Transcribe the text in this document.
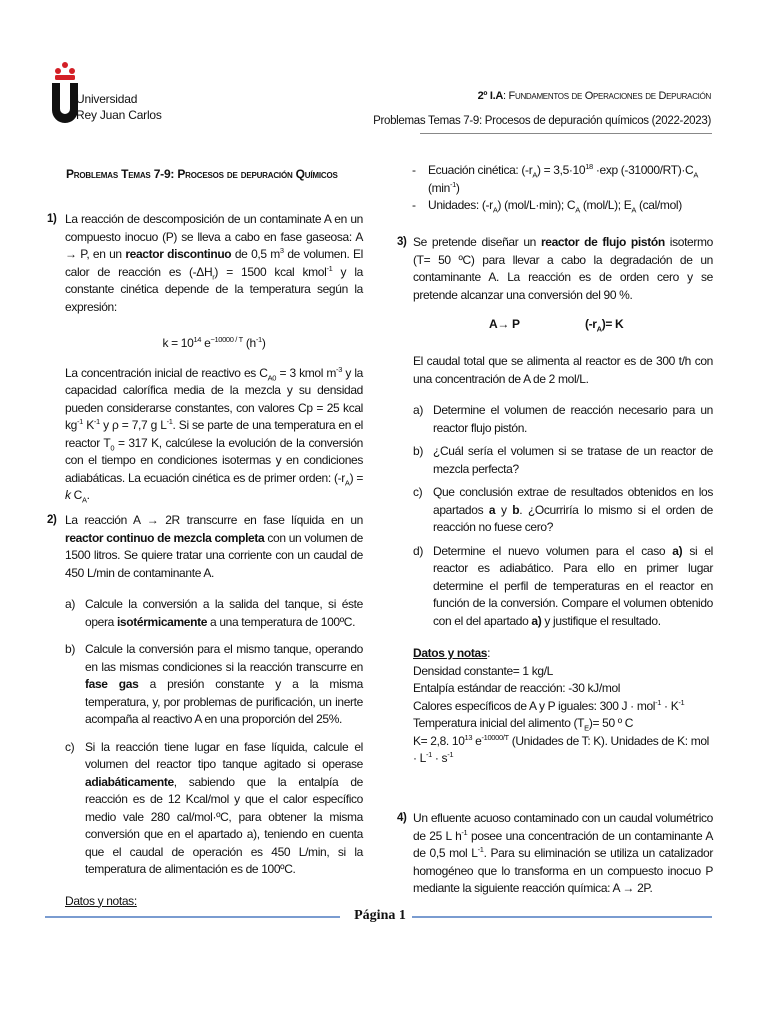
Universidad
Rey Juan Carlos
2º I.A: Fundamentos de Operaciones de Depuración
Problemas Temas 7-9: Procesos de depuración químicos (2022-2023)
Problemas Temas 7-9: Procesos de depuración Químicos
1) La reacción de descomposición de un contaminate A en un compuesto inocuo (P) se lleva a cabo en fase gaseosa: A → P, en un reactor discontinuo de 0,5 $m^3$ de volumen. El calor de reacción es $(-\Delta H_r) = 1500$ kcal kmol$^{-1}$ y la constante cinética depende de la temperatura según la expresión:
$k = 10^{14}$ $e^{-10000 / T}$ $(h^{-1})$
La concentración inicial de reactivo es $C_{A0} = 3$ kmol $m^{-3}$ y la capacidad calorífica media de la mezcla y su densidad pueden considerarse constantes, con valores Cp = 25 kcal $kg^{-1}$ $K^{-1}$ y ρ = 7,7 g $L^{-1}$. Si se parte de una temperatura en el reactor $T_0 = 317$ K, calcúlese la evolución de la conversión con el tiempo en condiciones isotermas y en condiciones adiabáticas. La ecuación cinética es de primer orden: $(-r_A) = k$ $C_A$.
2) La reacción A → 2R transcurre en fase líquida en un reactor continuo de mezcla completa con un volumen de 1500 litros. Se quiere tratar una corriente con un caudal de 450 L/min de contaminante A.
a) Calcule la conversión a la salida del tanque, si éste opera isotérmicamente a una temperatura de 100ºC.
b) Calcule la conversión para el mismo tanque, operando en las mismas condiciones si la reacción transcurre en fase gas a presión constante y a la misma temperatura, y, por problemas de purificación, un inerte acompaña al reactivo A en una proporción del 25%.
c) Si la reacción tiene lugar en fase líquida, calcule el volumen del reactor tipo tanque agitado si operase adiabáticamente, sabiendo que la entalpía de reacción es de 12 Kcal/mol y que el calor específico medio vale 280 cal/mol·ºC, para obtener la misma conversión que en el apartado a), teniendo en cuenta que el caudal de operación es 450 L/min, si la temperatura de alimentación es de 100ºC.
Datos y notas:
- Ecuación cinética: $(-r_A) = 3,5\cdot 10^{18} \cdot\exp$ $(-31000/RT)\cdot C_A$ $(\min^{-1})$
- Unidades: $(-r_A)$ (mol/L·min); $C_A$ (mol/L); $E_A$ (cal/mol)
3) Se pretende diseñar un reactor de flujo pistón isotermo (T= 50 ºC) para llevar a cabo la degradación de un contaminante A. La reacción es de orden cero y se pretende alcanzar una conversión del 90 %.
A→ P	$(-r_A)= K$
El caudal total que se alimenta al reactor es de 300 t/h con una concentración de A de 2 mol/L.
a) Determine el volumen de reacción necesario para un reactor flujo pistón.
b) ¿Cuál sería el volumen si se tratase de un reactor de mezcla perfecta?
c) Que conclusión extrae de resultados obtenidos en los apartados a y b. ¿Ocurriría lo mismo si el orden de reacción no fuese cero?
d) Determine el nuevo volumen para el caso a) si el reactor es adiabático. Para ello en primer lugar determine el perfil de temperaturas en el reactor en función de la conversión. Compare el volumen obtenido con el del apartado a) y justifique el resultado.
Datos y notas:
Densidad constante= 1 kg/L
Entalpía estándar de reacción: -30 kJ/mol
Calores específicos de A y P iguales: 300 $J \cdot mol^{-1} \cdot K^{-1}$
Temperatura inicial del alimento $(T_E)= 50$ º C
K= 2,8. $10^{13}$ $e^{-10000/T}$ (Unidades de T: K). Unidades de K: mol · $L^{-1} \cdot s^{-1}$
4) Un efluente acuoso contaminado con un caudal volumétrico de 25 L $h^{-1}$ posee una concentración de un contaminante A de 0,5 mol $L^{-1}$. Para su eliminación se utiliza un catalizador homogéneo que lo transforma en un compuesto inocuo P mediante la siguiente reacción química: A → 2P.
Página 1
